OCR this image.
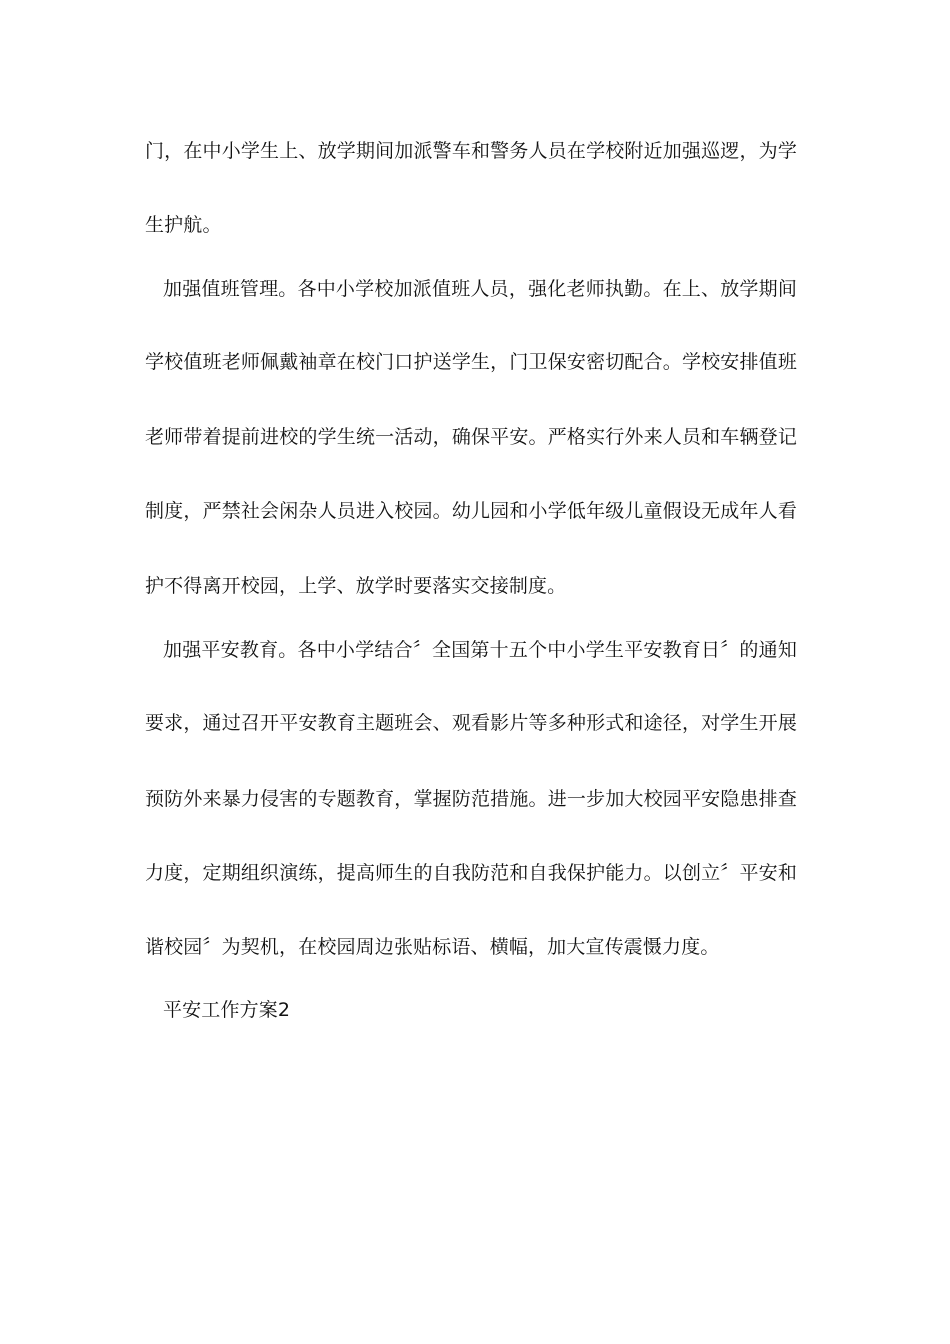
门，在中小学生上、放学期间加派警车和警务人员在学校附近加强巡逻，为学
生护航。
加强值班管理。各中小学校加派值班人员，强化老师执勤。在上、放学期间
学校值班老师佩戴袖章在校门口护送学生，门卫保安密切配合。学校安排值班
老师带着提前进校的学生统一活动，确保平安。严格实行外来人员和车辆登记
制度，严禁社会闲杂人员进入校园。幼儿园和小学低年级儿童假设无成年人看
护不得离开校园，上学、放学时要落实交接制度。
加强平安教育。各中小学结合〞全国第十五个中小学生平安教育日〞的通知
要求，通过召开平安教育主题班会、观看影片等多种形式和途径，对学生开展
预防外来暴力侵害的专题教育，掌握防范措施。进一步加大校园平安隐患排查
力度，定期组织演练，提高师生的自我防范和自我保护能力。以创立〞平安和
谐校园〞为契机，在校园周边张贴标语、横幅，加大宣传震慑力度。
平安工作方案2
